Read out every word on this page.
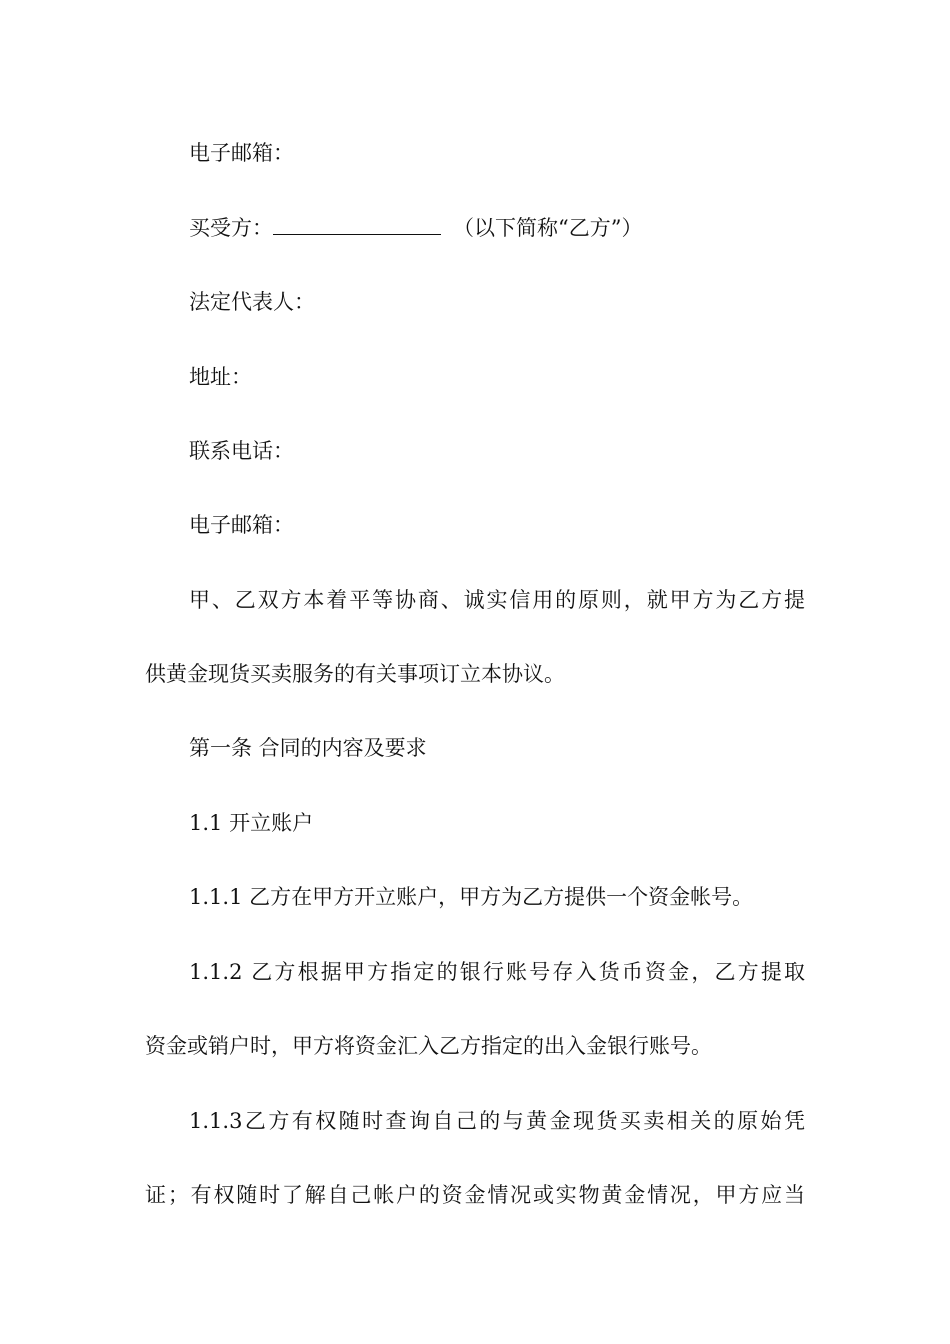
电子邮箱：

买受方：	（以下简称“乙方”）

法定代表人：

地址：

联系电话：

电子邮箱：

甲、乙双方本着平等协商、诚实信用的原则，就甲方为乙方提

供黄金现货买卖服务的有关事项订立本协议。

第一条 合同的内容及要求

1.1 开立账户

1.1.1 乙方在甲方开立账户，甲方为乙方提供一个资金帐号。

1.1.2 乙方根据甲方指定的银行账号存入货币资金，乙方提取

资金或销户时，甲方将资金汇入乙方指定的出入金银行账号。

1.1.3乙方有权随时查询自己的与黄金现货买卖相关的原始凭

证；有权随时了解自己帐户的资金情况或实物黄金情况，甲方应当
